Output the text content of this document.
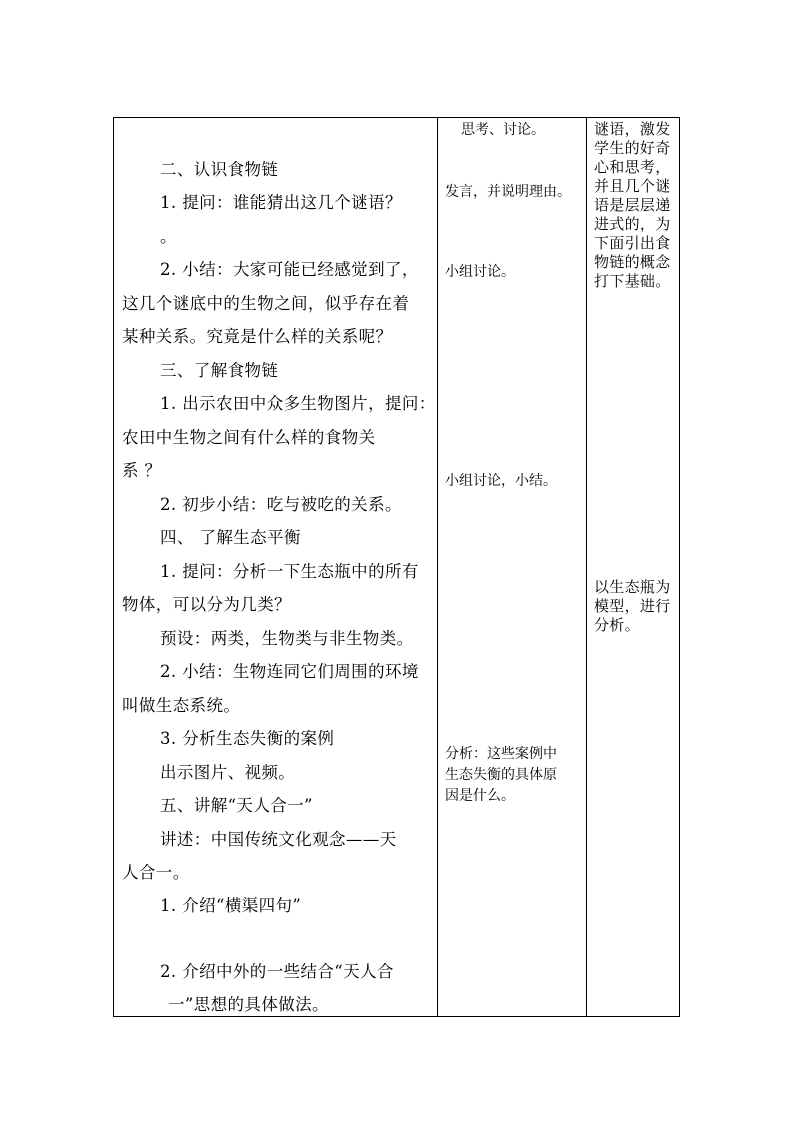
二、认识食物链
1. 提问：谁能猜出这几个谜语？
。
2. 小结：大家可能已经感觉到了，
这几个谜底中的生物之间，似乎存在着
某种关系。究竟是什么样的关系呢？
三、了解食物链
1. 出示农田中众多生物图片，提问：
农田中生物之间有什么样的食物关
系 ？
2. 初步小结：吃与被吃的关系。
四、 了解生态平衡
1. 提问：分析一下生态瓶中的所有
物体，可以分为几类？
预设：两类，生物类与非生物类。
2. 小结：生物连同它们周围的环境
叫做生态系统。
3. 分析生态失衡的案例
出示图片、视频。
五、讲解“天人合一”
讲述：中国传统文化观念——天
人合一。
1. 介绍“横渠四句”
2. 介绍中外的一些结合“天人合
一”思想的具体做法。
思考、讨论。
发言，并说明理由。
小组讨论。
小组讨论，小结。
分析：这些案例中
生态失衡的具体原
因是什么。
谜语，激发
学生的好奇
心和思考，
并且几个谜
语是层层递
进式的，为
下面引出食
物链的概念
打下基础。
以生态瓶为
模型，进行
分析。
